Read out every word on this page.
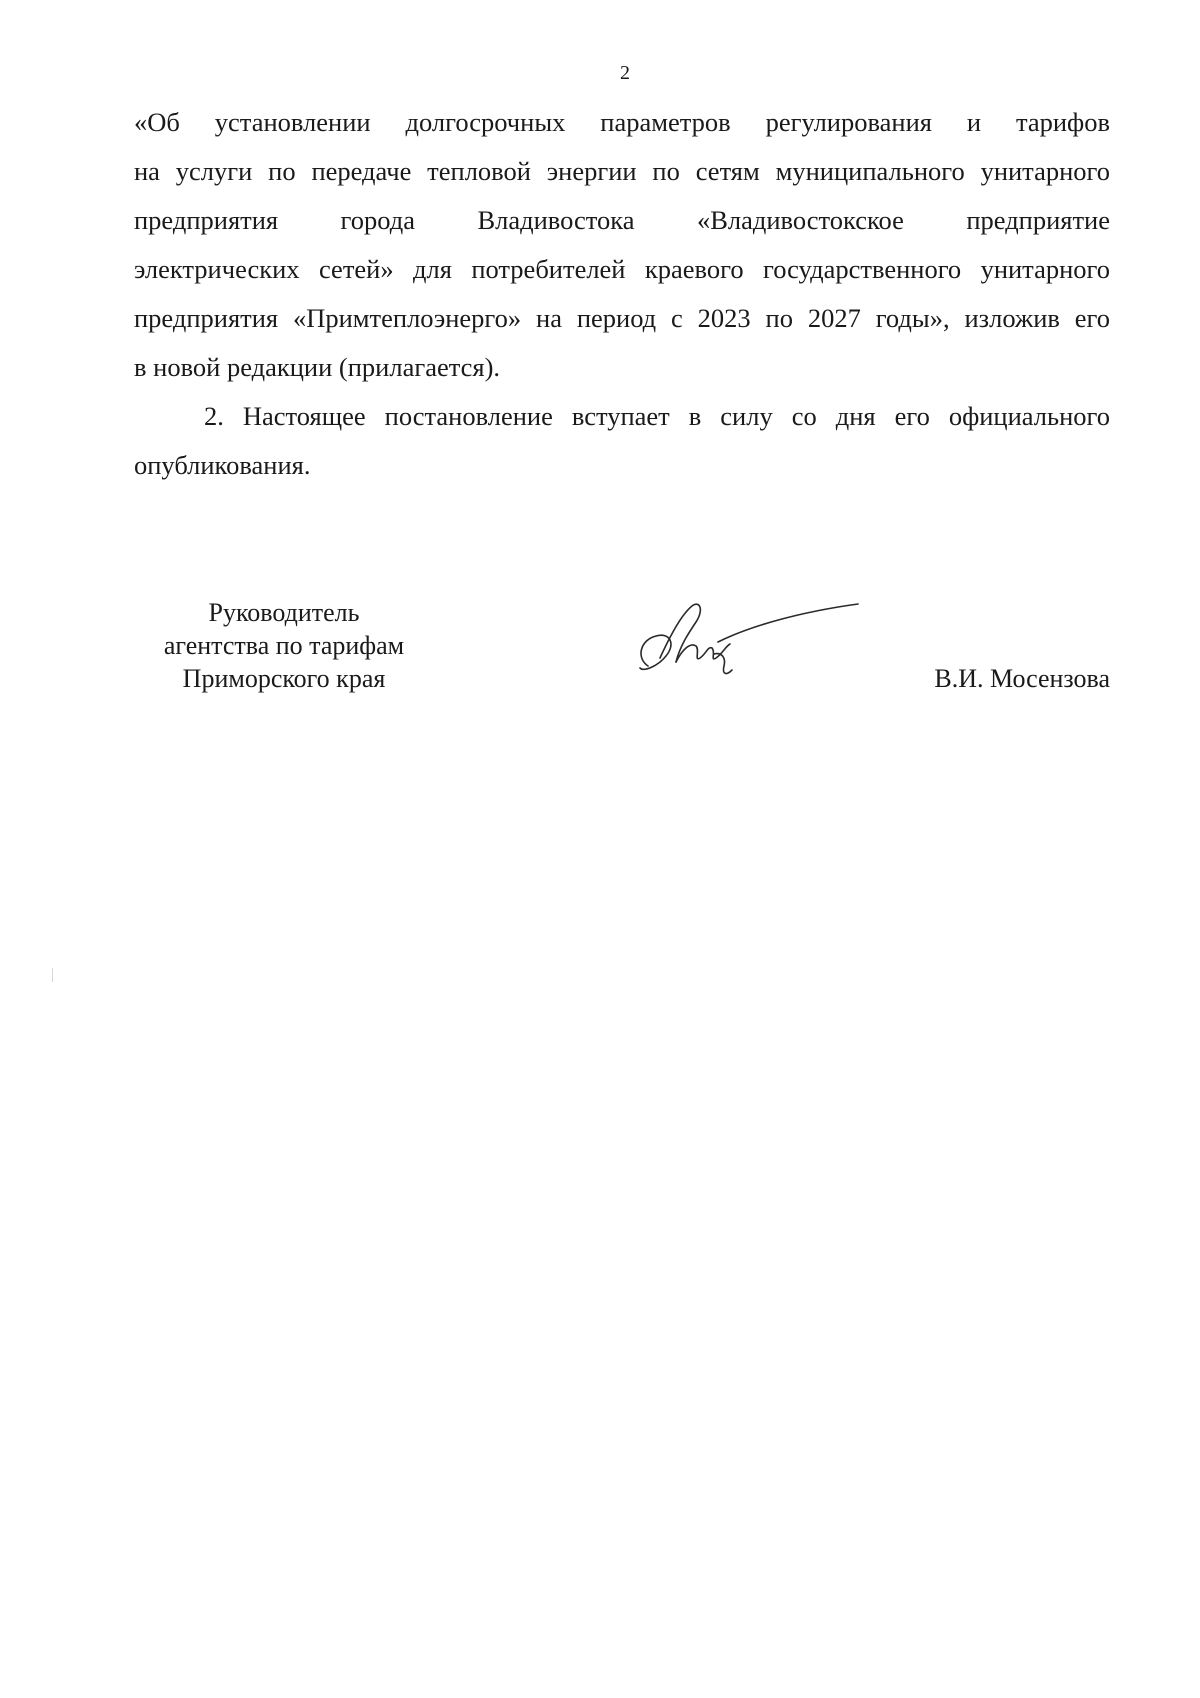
2
«Об установлении долгосрочных параметров регулирования и тарифов
на услуги по передаче тепловой энергии по сетям муниципального унитарного
предприятия города Владивостока «Владивостокское предприятие
электрических сетей» для потребителей краевого государственного унитарного
предприятия «Примтеплоэнерго» на период с 2023 по 2027 годы», изложив его
в новой редакции (прилагается).
2. Настоящее постановление вступает в силу со дня его официального
опубликования.
Руководитель
агентства по тарифам
Приморского края	В.И. Мосензова
